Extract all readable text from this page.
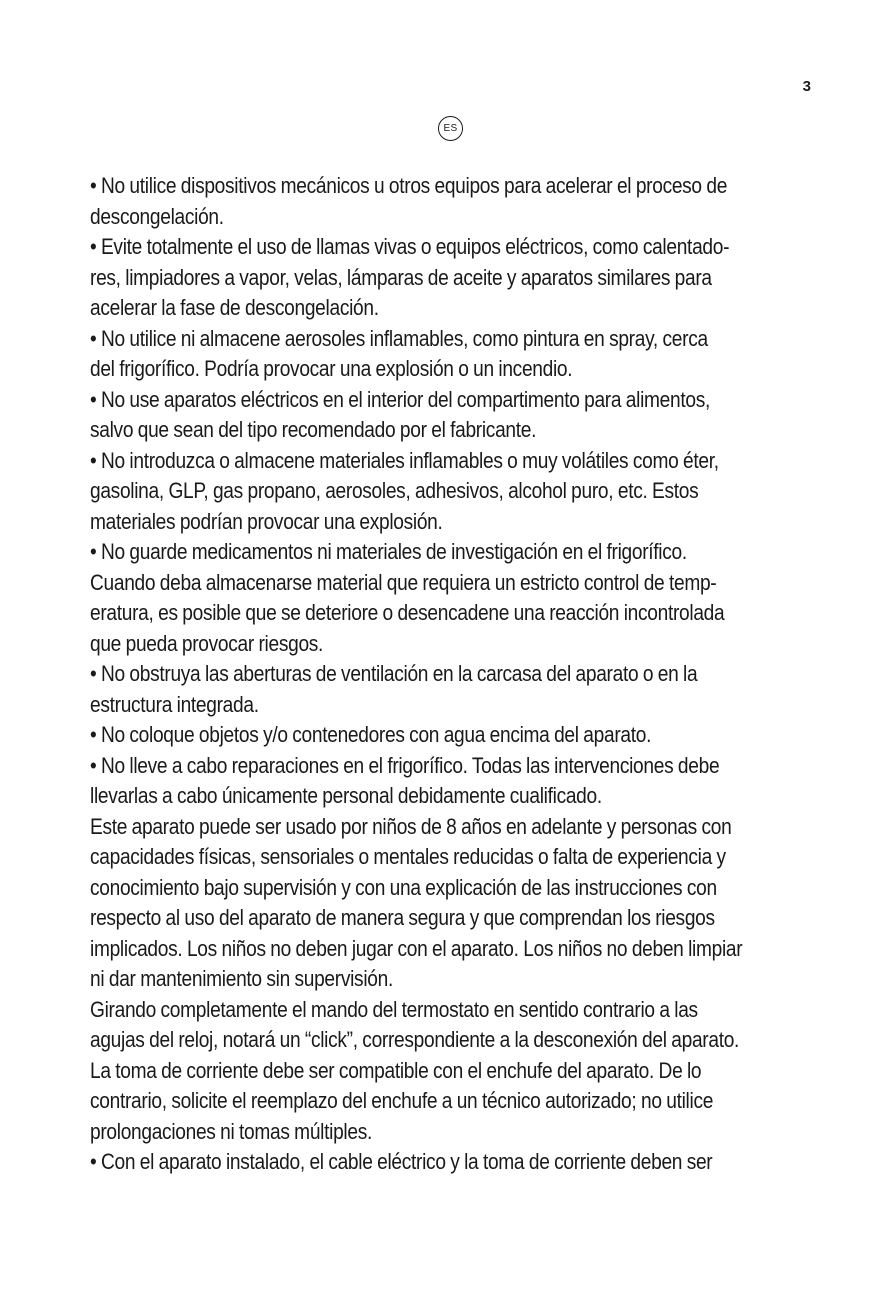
3
ES

• No utilice dispositivos mecánicos u otros equipos para acelerar el proceso de

descongelación.

• Evite totalmente el uso de llamas vivas o equipos eléctricos, como calentado-

res, limpiadores a vapor, velas, lámparas de aceite y aparatos similares para

acelerar la fase de descongelación.

• No utilice ni almacene aerosoles inflamables, como pintura en spray, cerca

del frigorífico. Podría provocar una explosión o un incendio.

• No use aparatos eléctricos en el interior del compartimento para alimentos,

salvo que sean del tipo recomendado por el fabricante.

• No introduzca o almacene materiales inflamables o muy volátiles como éter,

gasolina, GLP, gas propano, aerosoles, adhesivos, alcohol puro, etc. Estos

materiales podrían provocar una explosión.

• No guarde medicamentos ni materiales de investigación en el frigorífico.

Cuando deba almacenarse material que requiera un estricto control de temp-

eratura, es posible que se deteriore o desencadene una reacción incontrolada

que pueda provocar riesgos.

• No obstruya las aberturas de ventilación en la carcasa del aparato o en la

estructura integrada.

• No coloque objetos y/o contenedores con agua encima del aparato.

• No lleve a cabo reparaciones en el frigorífico. Todas las intervenciones debe

llevarlas a cabo únicamente personal debidamente cualificado.

Este aparato puede ser usado por niños de 8 años en adelante y personas con

capacidades físicas, sensoriales o mentales reducidas o falta de experiencia y

conocimiento bajo supervisión y con una explicación de las instrucciones con

respecto al uso del aparato de manera segura y que comprendan los riesgos

implicados. Los niños no deben jugar con el aparato. Los niños no deben limpiar

ni dar mantenimiento sin supervisión.

Girando completamente el mando del termostato en sentido contrario a las

agujas del reloj, notará un “click”, correspondiente a la desconexión del aparato.

La toma de corriente debe ser compatible con el enchufe del aparato. De lo

contrario, solicite el reemplazo del enchufe a un técnico autorizado; no utilice

prolongaciones ni tomas múltiples.

• Con el aparato instalado, el cable eléctrico y la toma de corriente deben ser
